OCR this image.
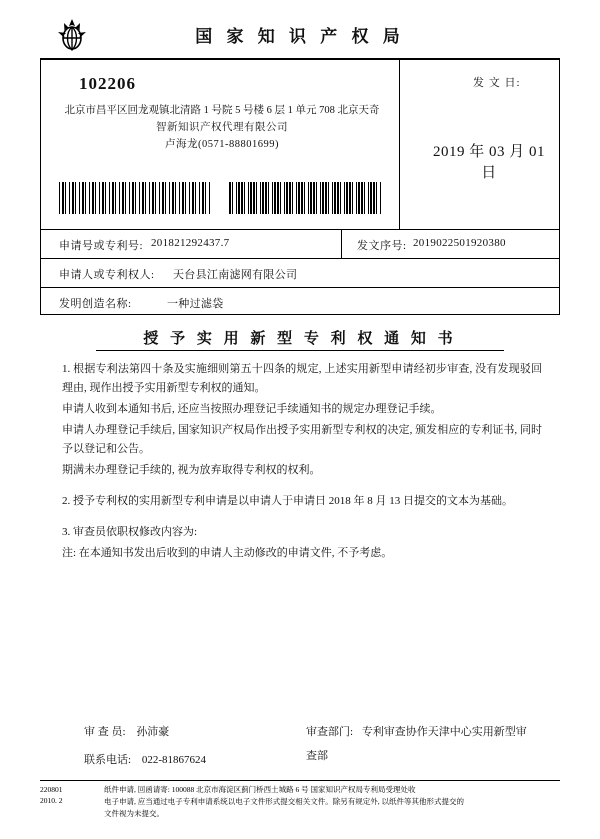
国 家 知 识 产 权 局
102206
北京市昌平区回龙观镇北清路 1 号院 5 号楼 6 层 1 单元 708 北京天奇
智新知识产权代理有限公司
卢海龙(0571-88801699)
发 文 日:
2019 年 03 月 01 日
申请号或专利号: 201821292437.7	发文序号: 2019022501920380
申请人或专利权人: 天台县江南滤网有限公司
发明创造名称:	一种过滤袋
授 予 实 用 新 型 专 利 权 通 知 书

1. 根据专利法第四十条及实施细则第五十四条的规定, 上述实用新型申请经初步审查, 没有发现驳回理由, 现作出授予实用新型专利权的通知。

申请人收到本通知书后, 还应当按照办理登记手续通知书的规定办理登记手续。

申请人办理登记手续后, 国家知识产权局作出授予实用新型专利权的决定, 颁发相应的专利证书, 同时予以登记和公告。

期满未办理登记手续的, 视为放弃取得专利权的权利。

2. 授予专利权的实用新型专利申请是以申请人于申请日 2018 年 8 月 13 日提交的文本为基础。

3. 审查员依职权修改内容为:

注: 在本通知书发出后收到的申请人主动修改的申请文件, 不予考虑。

审 查 员: 孙沛豪	审查部门: 专利审查协作天津中心实用新型审查部
联系电话: 022-81867624
220801
2010. 2
纸件申请, 回函请寄: 100088 北京市海淀区蓟门桥西土城路 6 号 国家知识产权局专利局受理处收
电子申请, 应当通过电子专利申请系统以电子文件形式提交相关文件。除另有规定外, 以纸件等其他形式提交的
文件视为未提交。
